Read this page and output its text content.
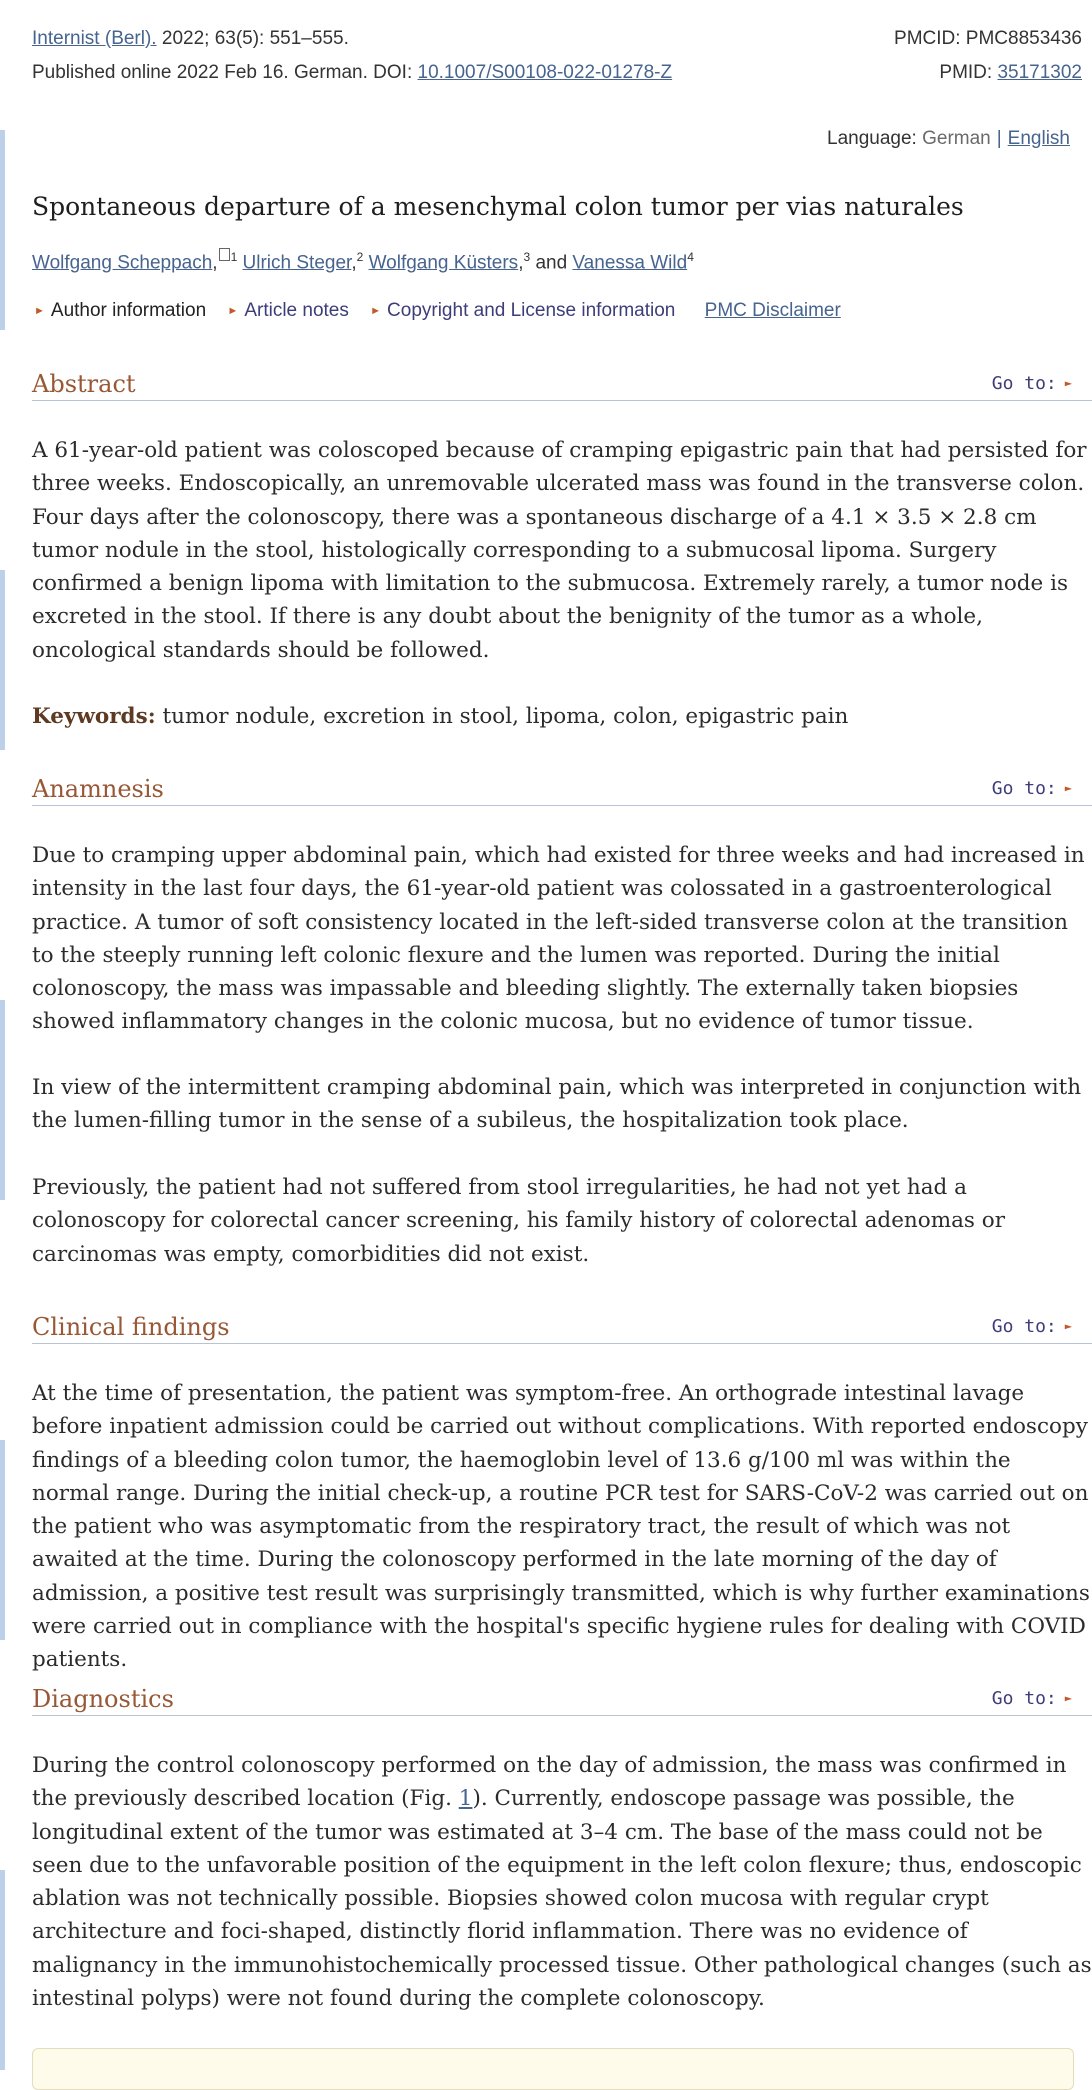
Internist (Berl). 2022; 63(5): 551–555.
Published online 2022 Feb 16. German. DOI: 10.1007/S00108-022-01278-Z
PMCID: PMC8853436
PMID: 35171302
Language: German | English
Spontaneous departure of a mesenchymal colon tumor per vias naturales
Wolfgang Scheppach, $^1$ Ulrich Steger,$^2$ Wolfgang Küsters,$^3$ and Vanessa Wild$^4$
► Author information ► Article notes ► Copyright and License information PMC Disclaimer
Abstract	Go to: ►

A 61-year-old patient was coloscoped because of cramping epigastric pain that had persisted for three weeks. Endoscopically, an unremovable ulcerated mass was found in the transverse colon. Four days after the colonoscopy, there was a spontaneous discharge of a 4.1 × 3.5 × 2.8 cm tumor nodule in the stool, histologically corresponding to a submucosal lipoma. Surgery confirmed a benign lipoma with limitation to the submucosa. Extremely rarely, a tumor node is excreted in the stool. If there is any doubt about the benignity of the tumor as a whole, oncological standards should be followed.

Keywords: tumor nodule, excretion in stool, lipoma, colon, epigastric pain

Anamnesis	Go to: ►

Due to cramping upper abdominal pain, which had existed for three weeks and had increased in intensity in the last four days, the 61-year-old patient was colossated in a gastroenterological practice. A tumor of soft consistency located in the left-sided transverse colon at the transition to the steeply running left colonic flexure and the lumen was reported. During the initial colonoscopy, the mass was impassable and bleeding slightly. The externally taken biopsies showed inflammatory changes in the colonic mucosa, but no evidence of tumor tissue.

In view of the intermittent cramping abdominal pain, which was interpreted in conjunction with the lumen-filling tumor in the sense of a subileus, the hospitalization took place.

Previously, the patient had not suffered from stool irregularities, he had not yet had a colonoscopy for colorectal cancer screening, his family history of colorectal adenomas or carcinomas was empty, comorbidities did not exist.

Clinical findings	Go to: ►

At the time of presentation, the patient was symptom-free. An orthograde intestinal lavage before inpatient admission could be carried out without complications. With reported endoscopy findings of a bleeding colon tumor, the haemoglobin level of 13.6 g/100 ml was within the normal range. During the initial check-up, a routine PCR test for SARS-CoV-2 was carried out on the patient who was asymptomatic from the respiratory tract, the result of which was not awaited at the time. During the colonoscopy performed in the late morning of the day of admission, a positive test result was surprisingly transmitted, which is why further examinations were carried out in compliance with the hospital's specific hygiene rules for dealing with COVID patients.

Diagnostics	Go to: ►

During the control colonoscopy performed on the day of admission, the mass was confirmed in the previously described location (Fig. 1). Currently, endoscope passage was possible, the longitudinal extent of the tumor was estimated at 3–4 cm. The base of the mass could not be seen due to the unfavorable position of the equipment in the left colon flexure; thus, endoscopic ablation was not technically possible. Biopsies showed colon mucosa with regular crypt architecture and foci-shaped, distinctly florid inflammation. There was no evidence of malignancy in the immunohistochemically processed tissue. Other pathological changes (such as intestinal polyps) were not found during the complete colonoscopy.
